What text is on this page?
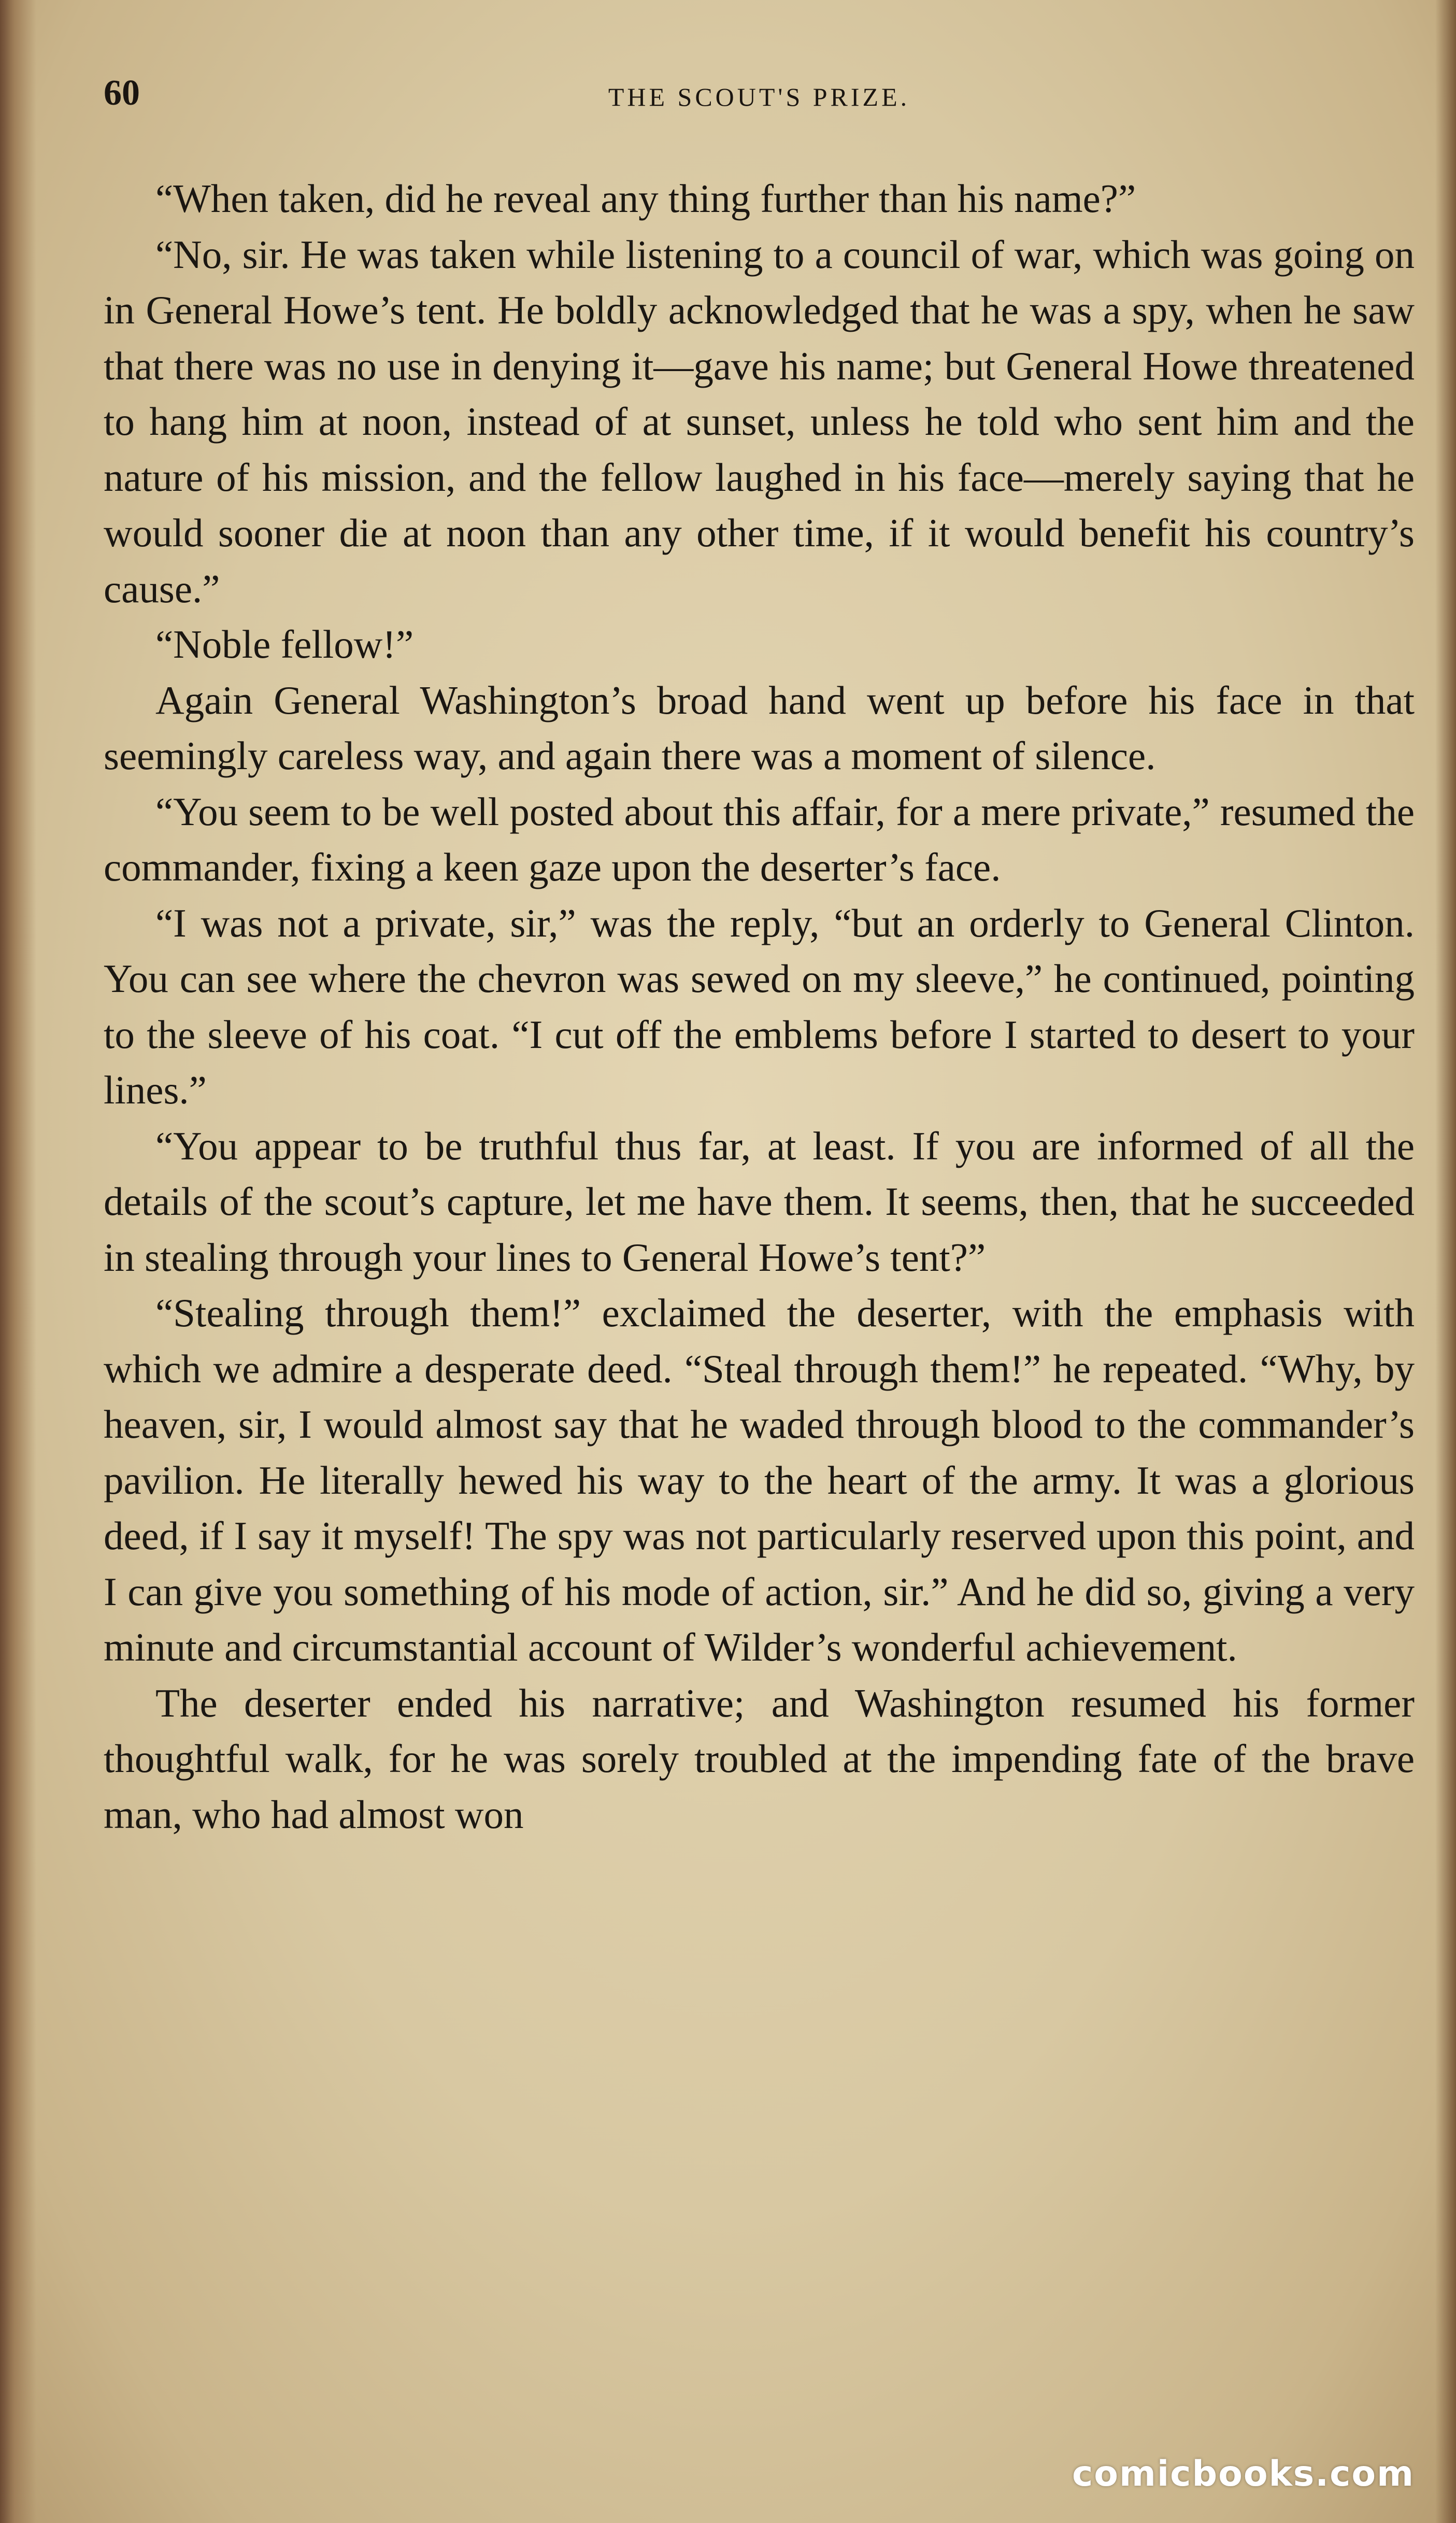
60	THE SCOUT'S PRIZE.

“When taken, did he reveal any thing further than his name?”

“No, sir. He was taken while listening to a council of war, which was going on in General Howe’s tent. He boldly acknowledged that he was a spy, when he saw that there was no use in denying it—gave his name; but General Howe threatened to hang him at noon, instead of at sunset, unless he told who sent him and the nature of his mission, and the fellow laughed in his face—merely saying that he would sooner die at noon than any other time, if it would benefit his country’s cause.”

“Noble fellow!”

Again General Washington’s broad hand went up before his face in that seemingly careless way, and again there was a moment of silence.

“You seem to be well posted about this affair, for a mere private,” resumed the commander, fixing a keen gaze upon the deserter’s face.

“I was not a private, sir,” was the reply, “but an orderly to General Clinton. You can see where the chevron was sewed on my sleeve,” he continued, pointing to the sleeve of his coat. “I cut off the emblems before I started to desert to your lines.”

“You appear to be truthful thus far, at least. If you are informed of all the details of the scout’s capture, let me have them. It seems, then, that he succeeded in stealing through your lines to General Howe’s tent?”

“Stealing through them!” exclaimed the deserter, with the emphasis with which we admire a desperate deed. “Steal through them!” he repeated. “Why, by heaven, sir, I would almost say that he waded through blood to the commander’s pavilion. He literally hewed his way to the heart of the army. It was a glorious deed, if I say it myself! The spy was not particularly reserved upon this point, and I can give you something of his mode of action, sir.” And he did so, giving a very minute and circumstantial account of Wilder’s wonderful achievement.

The deserter ended his narrative; and Washington resumed his former thoughtful walk, for he was sorely troubled at the impending fate of the brave man, who had almost won

comicbooks.com
